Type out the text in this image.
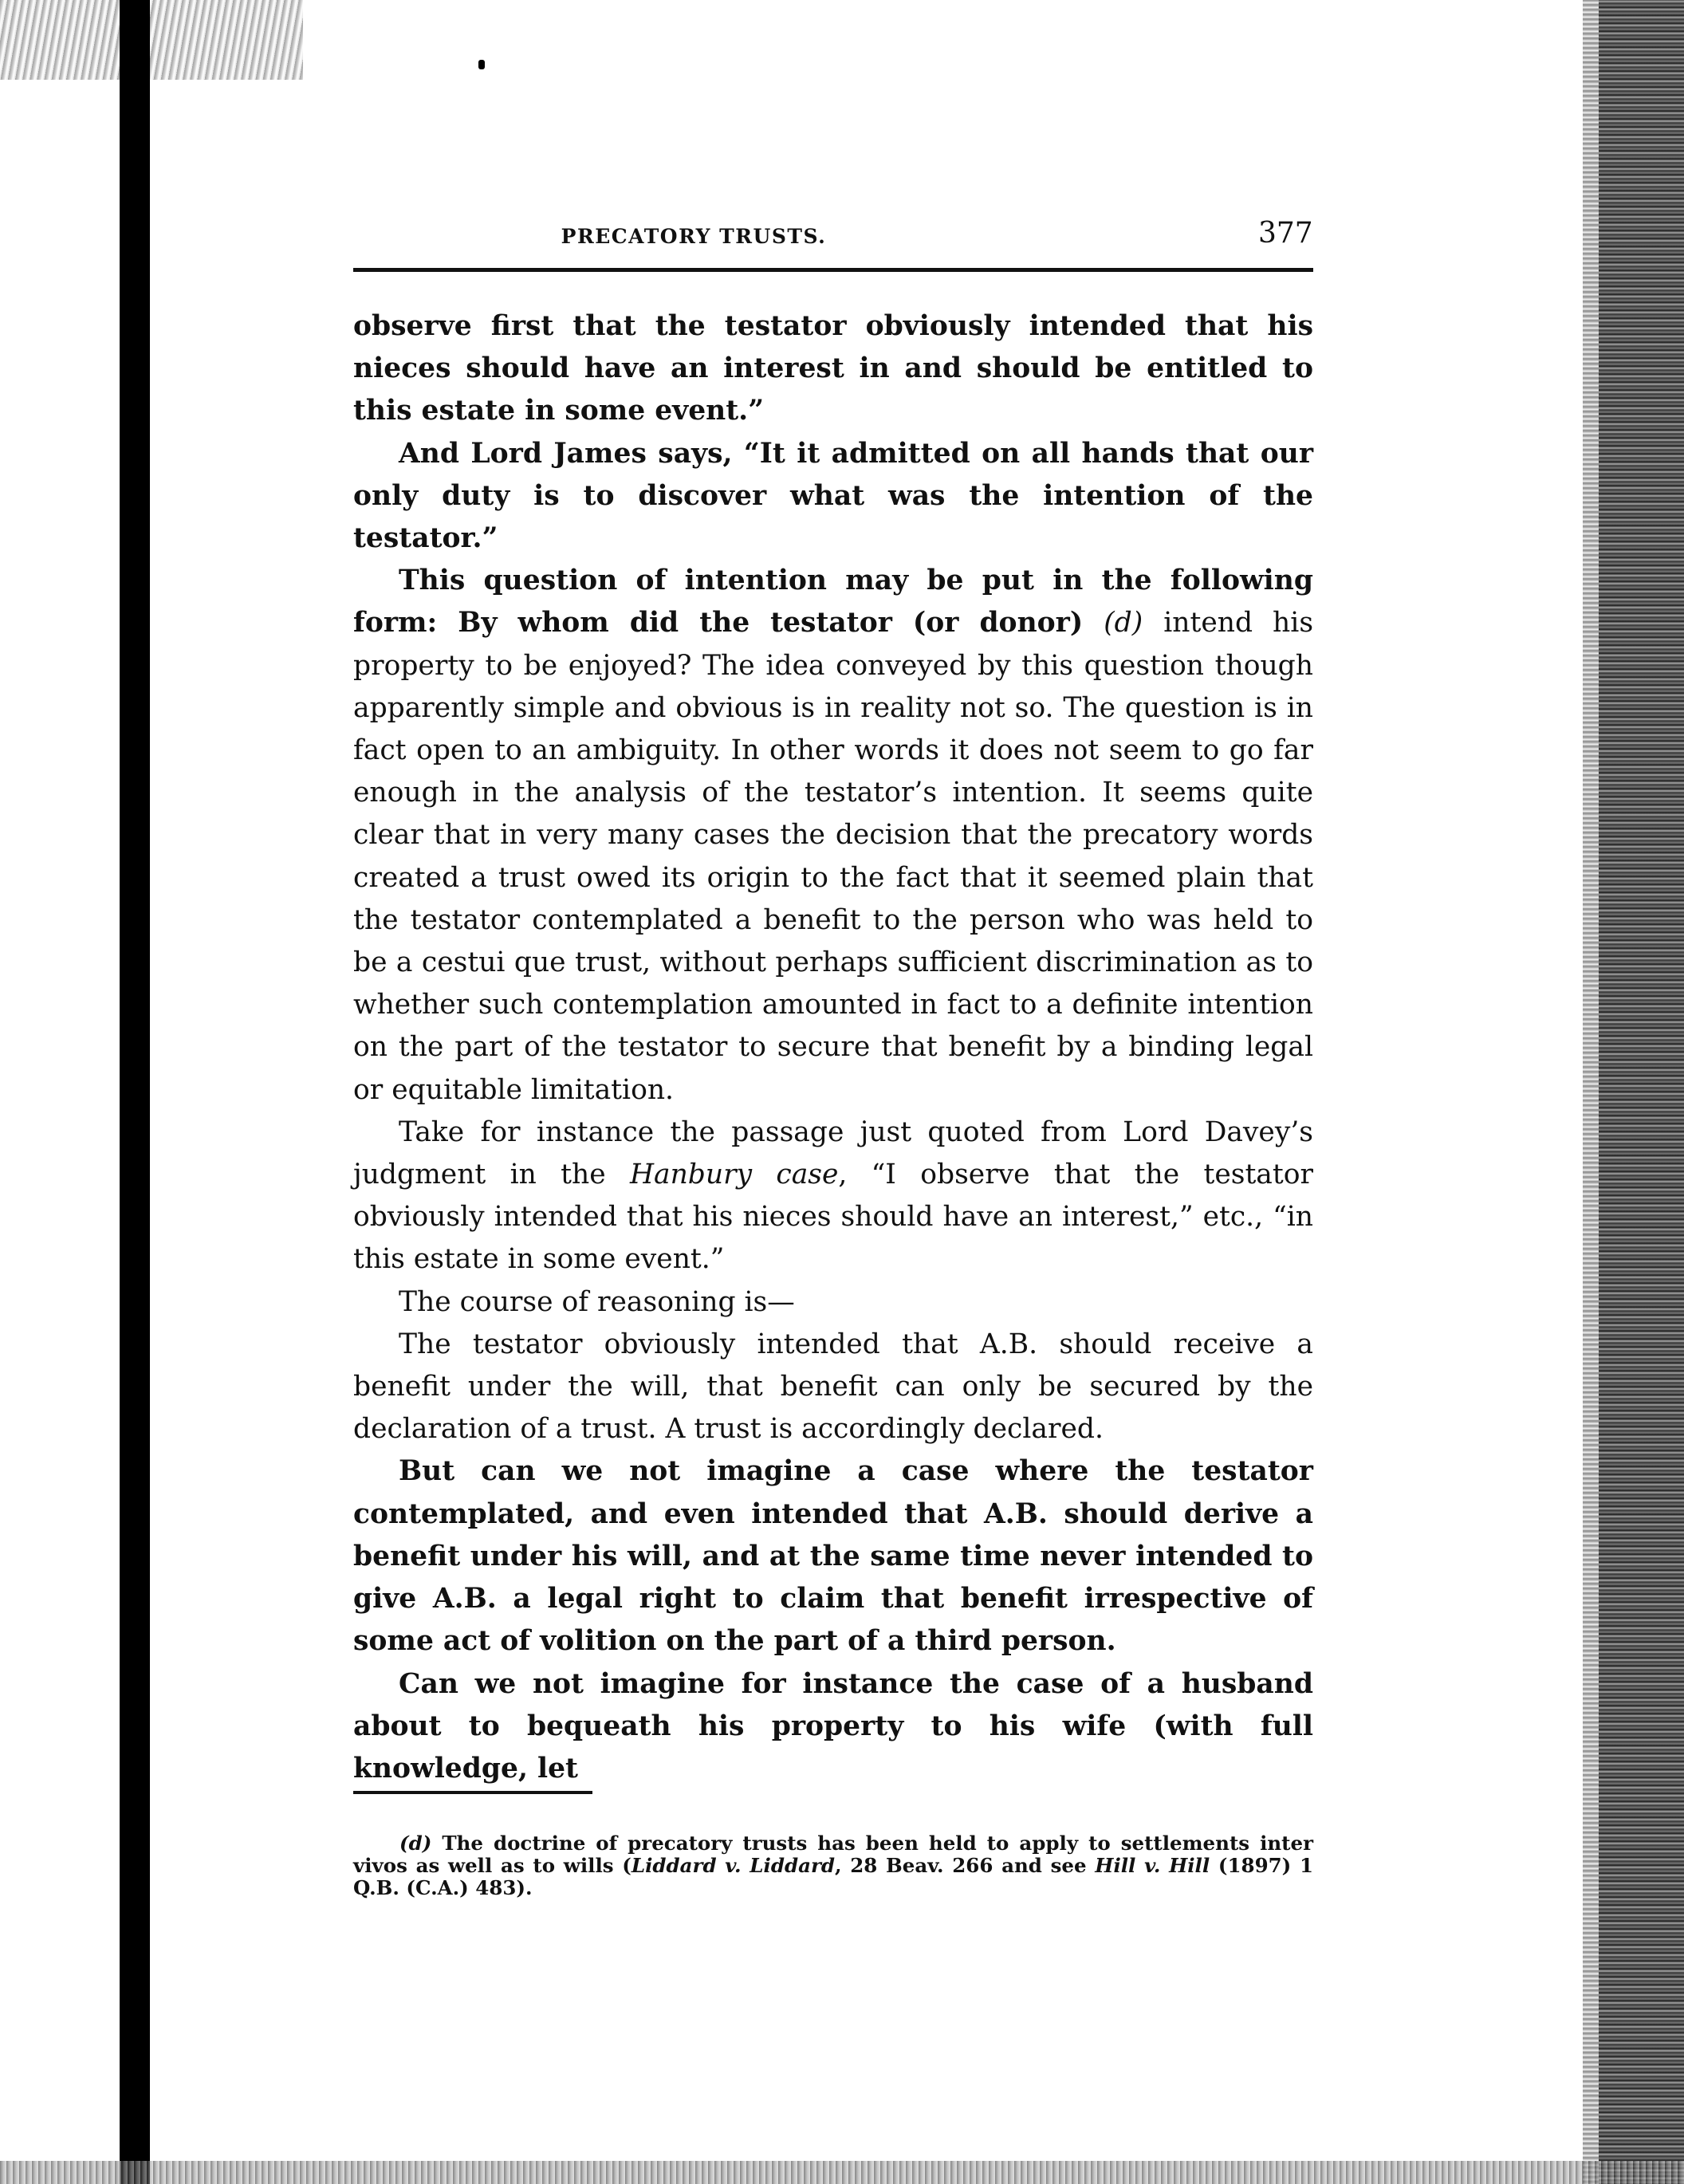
PRECATORY TRUSTS.	377

observe first that the testator obviously intended that his nieces should have an interest in and should be entitled to this estate in some event.”

And Lord James says, “It it admitted on all hands that our only duty is to discover what was the intention of the testator.”

This question of intention may be put in the following form: By whom did the testator (or donor) (d) intend his property to be enjoyed? The idea conveyed by this question though apparently simple and obvious is in reality not so. The question is in fact open to an ambiguity. In other words it does not seem to go far enough in the analysis of the testator’s intention. It seems quite clear that in very many cases the decision that the precatory words created a trust owed its origin to the fact that it seemed plain that the testator contemplated a benefit to the person who was held to be a cestui que trust, without perhaps sufficient discrimination as to whether such contemplation amounted in fact to a definite intention on the part of the testator to secure that benefit by a binding legal or equitable limitation.

Take for instance the passage just quoted from Lord Davey’s judgment in the Hanbury case, “I observe that the testator obviously intended that his nieces should have an interest,” etc., “in this estate in some event.”

The course of reasoning is—

The testator obviously intended that A.B. should receive a benefit under the will, that benefit can only be secured by the declaration of a trust. A trust is accordingly declared.

But can we not imagine a case where the testator contemplated, and even intended that A.B. should derive a benefit under his will, and at the same time never intended to give A.B. a legal right to claim that benefit irrespective of some act of volition on the part of a third person.

Can we not imagine for instance the case of a husband about to bequeath his property to his wife (with full knowledge, let

(d) The doctrine of precatory trusts has been held to apply to settlements inter vivos as well as to wills (Liddard v. Liddard, 28 Beav. 266 and see Hill v. Hill (1897) 1 Q.B. (C.A.) 483).
